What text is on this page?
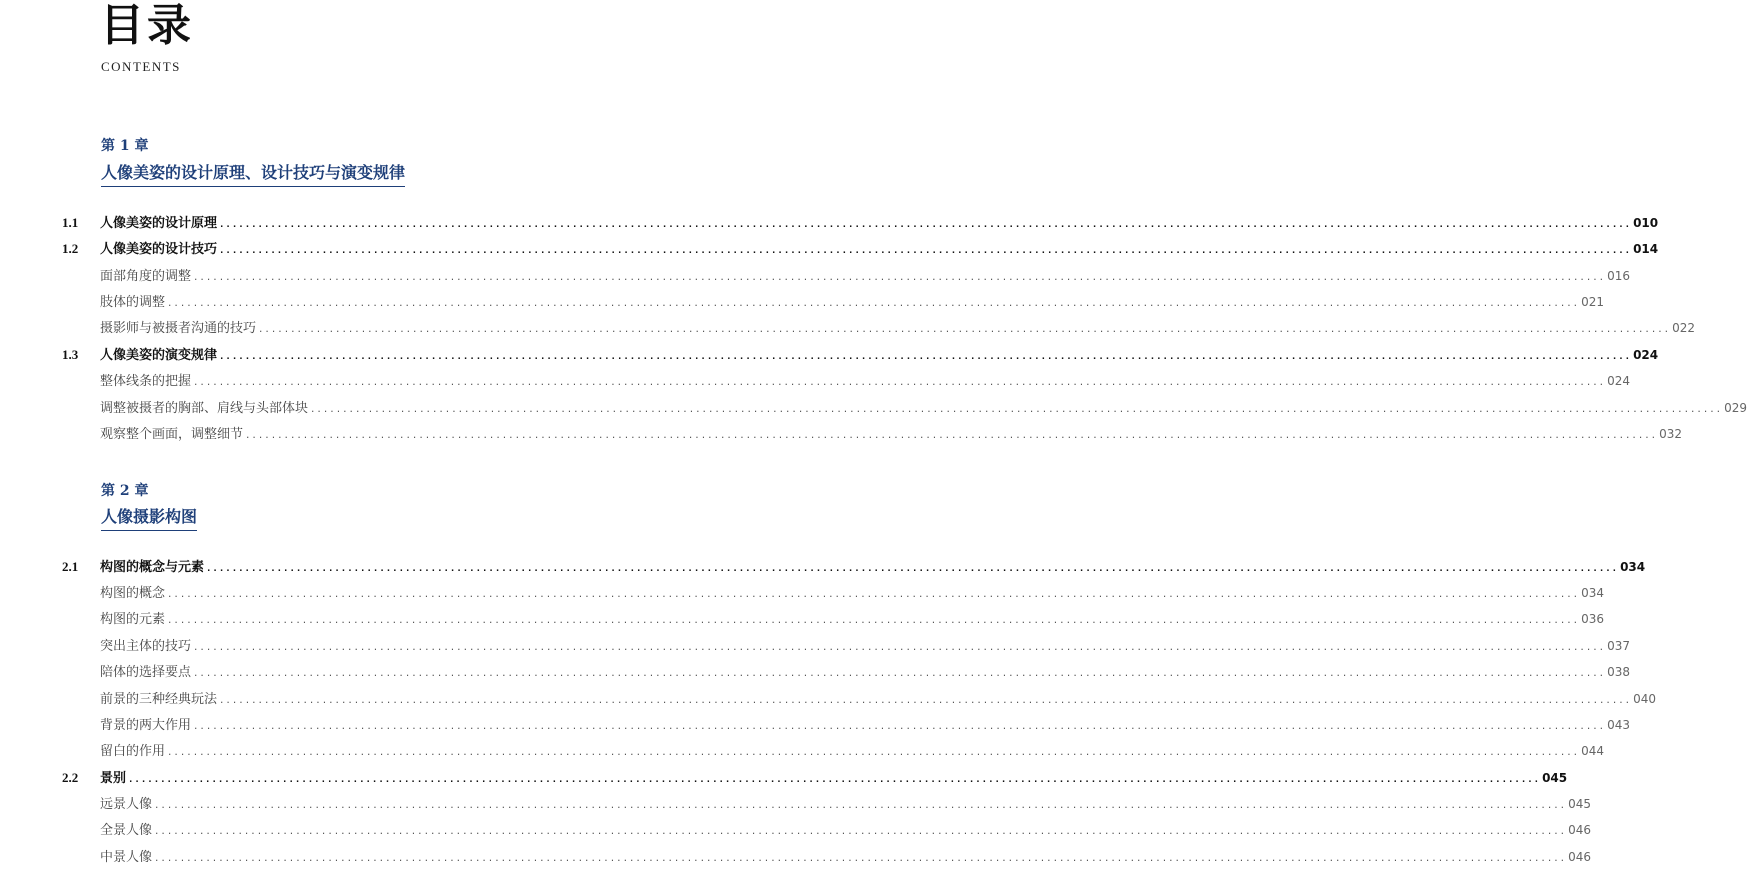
目录
CONTENTS
第 1 章
人像美姿的设计原理、设计技巧与演变规律
第 2 章
人像摄影构图
1.1	人像美姿的设计原理 ............................................................................................................................................................................................................................ 010
1.2	人像美姿的设计技巧 ............................................................................................................................................................................................................................ 014
面部角度的调整 ............................................................................................................................................................................................................................ 016
肢体的调整 ............................................................................................................................................................................................................................ 021
摄影师与被摄者沟通的技巧 ............................................................................................................................................................................................................................ 022
1.3	人像美姿的演变规律 ............................................................................................................................................................................................................................ 024
整体线条的把握 ............................................................................................................................................................................................................................ 024
调整被摄者的胸部、肩线与头部体块 ............................................................................................................................................................................................................................ 029
观察整个画面，调整细节 ............................................................................................................................................................................................................................ 032
2.1	构图的概念与元素 ............................................................................................................................................................................................................................ 034
构图的概念 ............................................................................................................................................................................................................................ 034
构图的元素 ............................................................................................................................................................................................................................ 036
突出主体的技巧 ............................................................................................................................................................................................................................ 037
陪体的选择要点 ............................................................................................................................................................................................................................ 038
前景的三种经典玩法 ............................................................................................................................................................................................................................ 040
背景的两大作用 ............................................................................................................................................................................................................................ 043
留白的作用 ............................................................................................................................................................................................................................ 044
2.2	景别 ............................................................................................................................................................................................................................ 045
远景人像 ............................................................................................................................................................................................................................ 045
全景人像 ............................................................................................................................................................................................................................ 046
中景人像 ............................................................................................................................................................................................................................ 046
